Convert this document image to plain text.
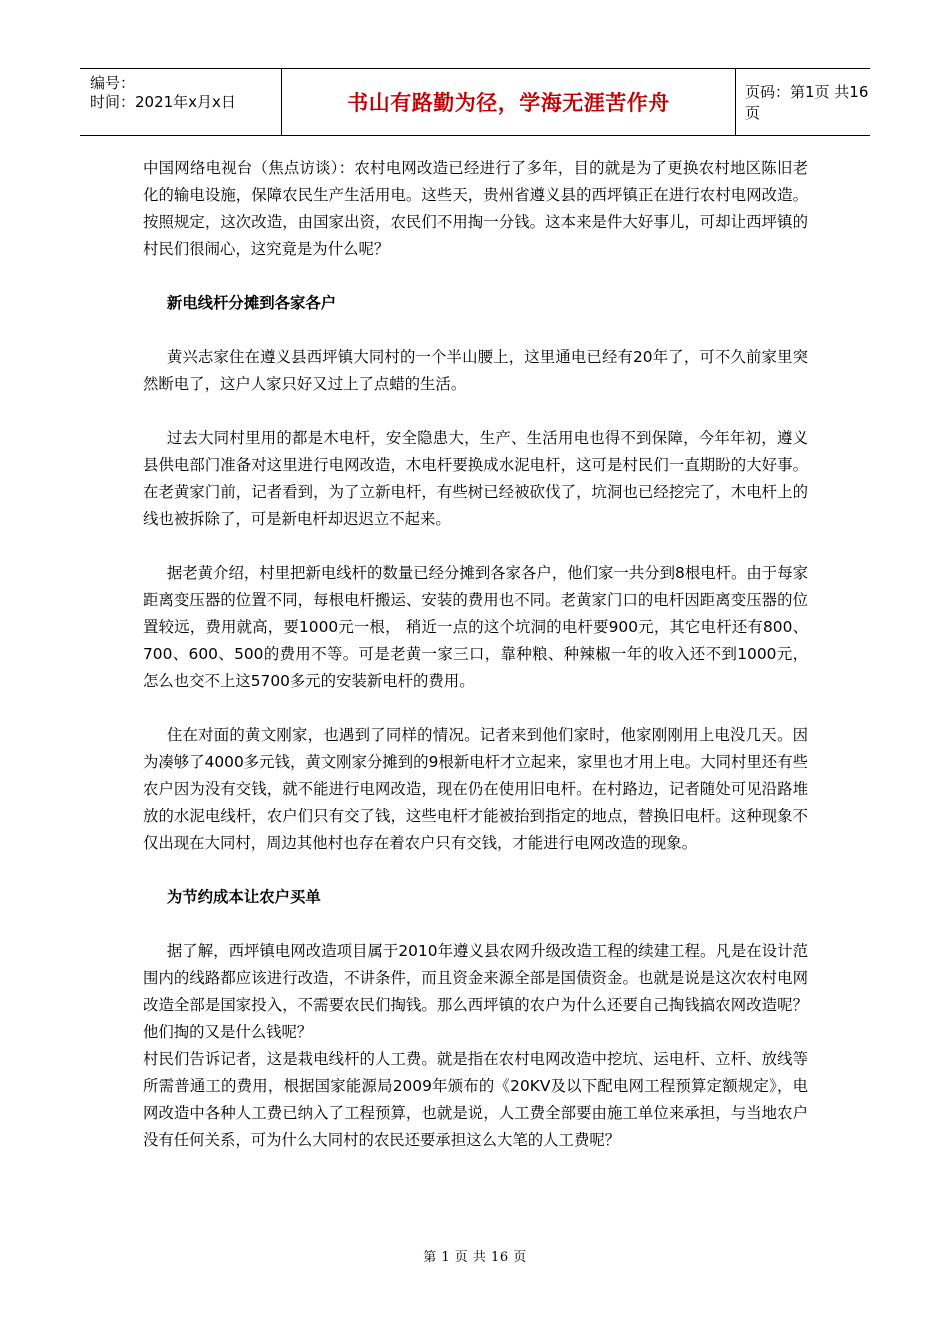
编号：
时间：2021年x月x日	书山有路勤为径，学海无涯苦作舟	页码：第1页 共16页

中国网络电视台（焦点访谈）：农村电网改造已经进行了多年，目的就是为了更换农村地区陈旧老化的输电设施，保障农民生产生活用电。这些天，贵州省遵义县的西坪镇正在进行农村电网改造。按照规定，这次改造，由国家出资，农民们不用掏一分钱。这本来是件大好事儿，可却让西坪镇的村民们很闹心，这究竟是为什么呢？

新电线杆分摊到各家各户

黄兴志家住在遵义县西坪镇大同村的一个半山腰上，这里通电已经有20年了，可不久前家里突然断电了，这户人家只好又过上了点蜡的生活。

过去大同村里用的都是木电杆，安全隐患大，生产、生活用电也得不到保障，今年年初，遵义县供电部门准备对这里进行电网改造，木电杆要换成水泥电杆，这可是村民们一直期盼的大好事。在老黄家门前，记者看到，为了立新电杆，有些树已经被砍伐了，坑洞也已经挖完了，木电杆上的线也被拆除了，可是新电杆却迟迟立不起来。

据老黄介绍，村里把新电线杆的数量已经分摊到各家各户，他们家一共分到8根电杆。由于每家距离变压器的位置不同，每根电杆搬运、安装的费用也不同。老黄家门口的电杆因距离变压器的位置较远，费用就高，要1000元一根， 稍近一点的这个坑洞的电杆要900元，其它电杆还有800、700、600、500的费用不等。可是老黄一家三口，靠种粮、种辣椒一年的收入还不到1000元，怎么也交不上这5700多元的安装新电杆的费用。

住在对面的黄文刚家，也遇到了同样的情况。记者来到他们家时，他家刚刚用上电没几天。因为凑够了4000多元钱，黄文刚家分摊到的9根新电杆才立起来，家里也才用上电。大同村里还有些农户因为没有交钱，就不能进行电网改造，现在仍在使用旧电杆。在村路边，记者随处可见沿路堆放的水泥电线杆，农户们只有交了钱，这些电杆才能被抬到指定的地点，替换旧电杆。这种现象不仅出现在大同村，周边其他村也存在着农户只有交钱，才能进行电网改造的现象。

为节约成本让农户买单

据了解，西坪镇电网改造项目属于2010年遵义县农网升级改造工程的续建工程。凡是在设计范围内的线路都应该进行改造，不讲条件，而且资金来源全部是国债资金。也就是说是这次农村电网改造全部是国家投入，不需要农民们掏钱。那么西坪镇的农户为什么还要自己掏钱搞农网改造呢？他们掏的又是什么钱呢？

村民们告诉记者，这是栽电线杆的人工费。就是指在农村电网改造中挖坑、运电杆、立杆、放线等所需普通工的费用，根据国家能源局2009年颁布的《20KV及以下配电网工程预算定额规定》，电网改造中各种人工费已纳入了工程预算，也就是说，人工费全部要由施工单位来承担，与当地农户没有任何关系，可为什么大同村的农民还要承担这么大笔的人工费呢？

第 1 页 共 16 页
